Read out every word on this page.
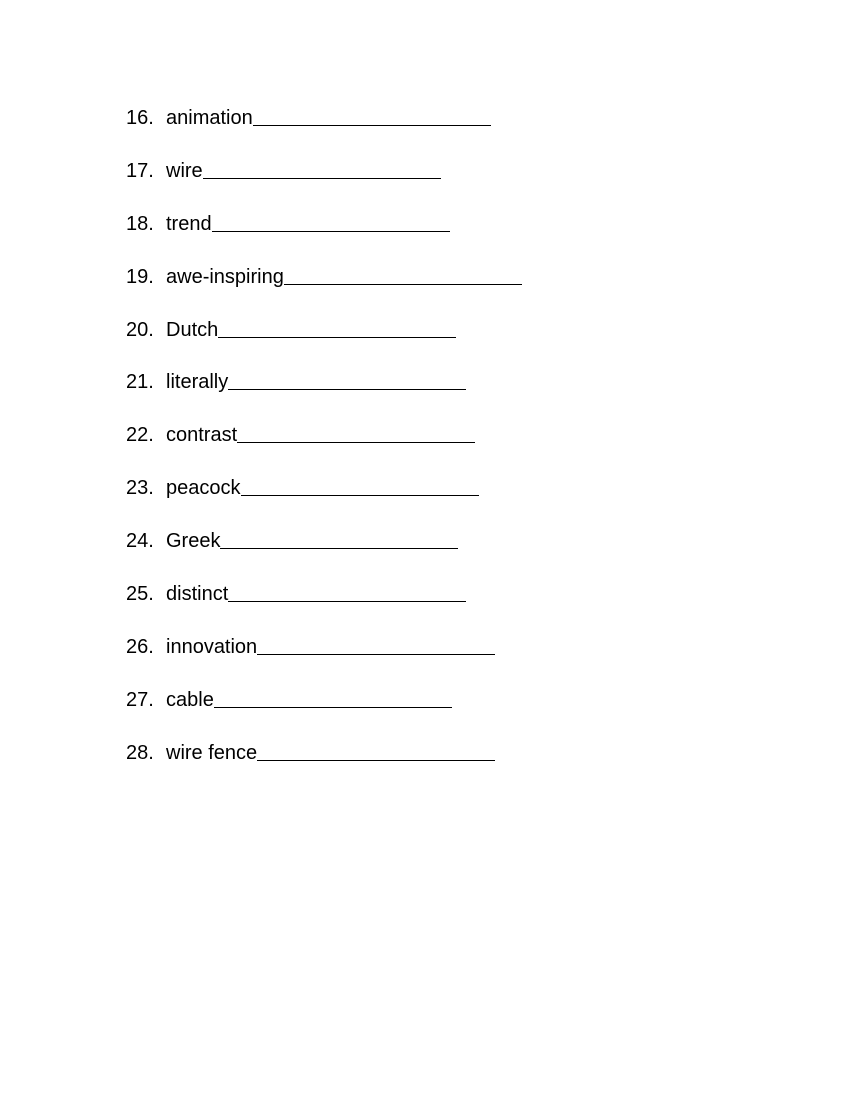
16. animation
17. wire
18. trend
19. awe-inspiring
20. Dutch
21. literally
22. contrast
23. peacock
24. Greek
25. distinct
26. innovation
27. cable
28. wire fence
